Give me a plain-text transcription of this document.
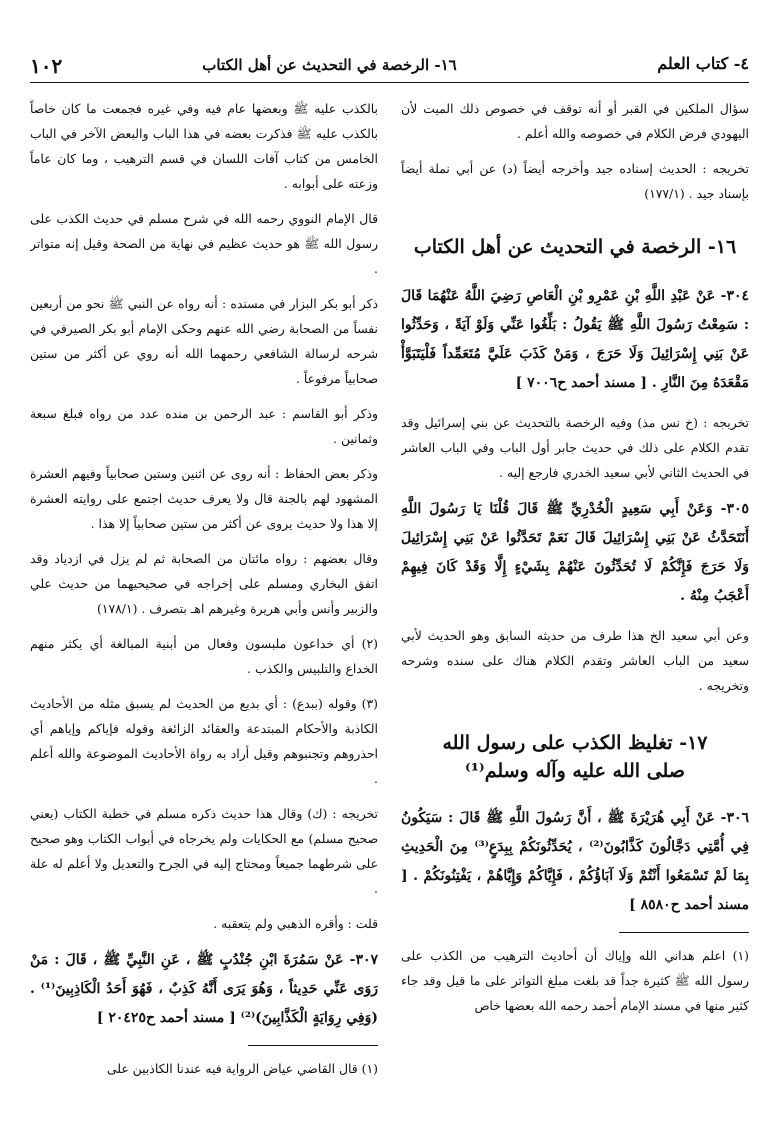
١٠٢	١٦- الرخصة في التحديث عن أهل الكتاب	٤- كتاب العلم

سؤال الملكين في القبر أو أنه توقف في خصوص ذلك الميت لأن اليهودي فرض الكلام في خصوصه والله أعلم .

تخريجه : الحديث إسناده جيد وأخرجه أيضاً (د) عن أبي نملة أيضاً بإسناد جيد . (١٧٧/١)

١٦- الرخصة في التحديث عن أهل الكتاب

٣٠٤- عَنْ عَبْدِ اللَّهِ بْنِ عَمْرِو بْنِ الْعَاصِ رَضِيَ اللَّهُ عَنْهُمَا قَالَ : سَمِعْتُ رَسُولَ اللَّهِ ﷺ يَقُولُ : بَلِّغُوا عَنِّي وَلَوْ آيَةً ، وَحَدِّثُوا عَنْ بَنِي إِسْرَائِيلَ وَلَا حَرَجَ ، وَمَنْ كَذَبَ عَلَيَّ مُتَعَمِّداً فَلْيَتَبَوَّأْ مَقْعَدَهُ مِنَ النَّارِ . [ مسند أحمد ح٧٠٠٦ ]

تخريجه : (خ نس مذ) وفيه الرخصة بالتحديث عن بني إسرائيل وقد تقدم الكلام على ذلك في حديث جابر أول الباب وفي الباب العاشر في الحديث الثاني لأبي سعيد الخدري فارجع إليه .

٣٠٥- وَعَنْ أَبِي سَعِيدٍ الْخُدْرِيِّ ﷺ قَالَ قُلْنَا يَا رَسُولَ اللَّهِ أَنَتَحَدَّثُ عَنْ بَنِي إِسْرَائِيلَ قَالَ نَعَمْ تَحَدَّثُوا عَنْ بَنِي إِسْرَائِيلَ وَلَا حَرَجَ فَإِنَّكُمْ لَا تُحَدِّثُونَ عَنْهُمْ بِشَيْءٍ إِلَّا وَقَدْ كَانَ فِيهِمْ أَعْجَبُ مِنْهُ .

وعن أبي سعيد الخ هذا طرف من حديثه السابق وهو الحديث لأبي سعيد من الباب العاشر وتقدم الكلام هناك على سنده وشرحه وتخريجه .

١٧- تغليظ الكذب على رسول الله
صلى الله عليه وآله وسلم⁽¹⁾

٣٠٦- عَنْ أَبِي هُرَيْرَةَ ﷺ ، أَنَّ رَسُولَ اللَّهِ ﷺ قَالَ : سَيَكُونُ فِي أُمَّتِي دَجَّالُونَ كَذَّابُونَ⁽²⁾ ، يُحَدِّثُونَكُمْ بِبِدَعٍ⁽³⁾ مِنَ الْحَدِيثِ بِمَا لَمْ تَسْمَعُوا أَنْتُمْ وَلَا آبَاؤُكُمْ ، فَإِيَّاكُمْ وَإِيَّاهُمْ ، يَفْتِنُونَكُمْ . [ مسند أحمد ح٨٥٨٠ ]

(١) اعلم هداني الله وإياك أن أحاديث الترهيب من الكذب على رسول الله ﷺ كثيرة جداً قد بلغت مبلغ التواتر على ما قيل وقد جاء كثير منها في مسند الإمام أحمد رحمه الله بعضها خاص

بالكذب عليه ﷺ وبعضها عام فيه وفي غيره فجمعت ما كان خاصاً بالكذب عليه ﷺ فذكرت بعضه في هذا الباب والبعض الآخر في الباب الخامس من كتاب آفات اللسان في قسم الترهيب ، وما كان عاماً وزعته على أبوابه .

قال الإمام النووي رحمه الله في شرح مسلم في حديث الكذب على رسول الله ﷺ هو حديث عظيم في نهاية من الصحة وقيل إنه متواتر .

ذكر أبو بكر البزار في مسنده : أنه رواه عن النبي ﷺ نحو من أربعين نفساً من الصحابة رضي الله عنهم وحكى الإمام أبو بكر الصيرفي في شرحه لرسالة الشافعي رحمهما الله أنه روي عن أكثر من ستين صحابياً مرفوعاً .

وذكر أبو القاسم : عبد الرحمن بن منده عدد من رواه فبلغ سبعة وثمانين .

وذكر بعض الحفاظ : أنه روى عن اثنين وستين صحابياً وفيهم العشرة المشهود لهم بالجنة قال ولا يعرف حديث اجتمع على روايته العشرة إلا هذا ولا حديث يروى عن أكثر من ستين صحابياً إلا هذا .

وقال بعضهم : رواه مائتان من الصحابة ثم لم يزل في ازدياد وقد اتفق البخاري ومسلم على إخراجه في صحيحيهما من حديث علي والزبير وأنس وأبي هريرة وغيرهم اهـ بتصرف . (١٧٨/١)

(٢) أي خداعون ملبسون وفعال من أبنية المبالغة أي يكثر منهم الخداع والتلبيس والكذب .

(٣) وقوله (ببدع) : أي بديع من الحديث لم يسبق مثله من الأحاديث الكاذبة والأحكام المبتدعة والعقائد الزائغة وقوله فإياكم وإياهم أي احذروهم وتجنبوهم وقيل أراد به رواة الأحاديث الموضوعة والله أعلم .

تخريجه : (ك) وقال هذا حديث ذكره مسلم في خطبة الكتاب (يعني صحيح مسلم) مع الحكايات ولم يخرجاه في أبواب الكتاب وهو صحيح على شرطهما جميعاً ومحتاج إليه في الجرح والتعديل ولا أعلم له علة .

قلت : وأقره الذهبي ولم يتعقبه .

٣٠٧- عَنْ سَمُرَةَ ابْنِ جُنْدُبٍ ﷺ ، عَنِ النَّبِيِّ ﷺ ، قَالَ : مَنْ رَوَى عَنِّي حَدِيثاً ، وَهُوَ يَرَى أَنَّهُ كَذِبٌ ، فَهُوَ أَحَدُ الْكَاذِبِينَ⁽¹⁾ . (وَفِي رِوَايَةٍ الْكَذَّابِينَ)⁽²⁾ [ مسند أحمد ح٢٠٤٢٥ ]

(١) قال القاضي عياض الرواية فيه عندنا الكاذبين على
